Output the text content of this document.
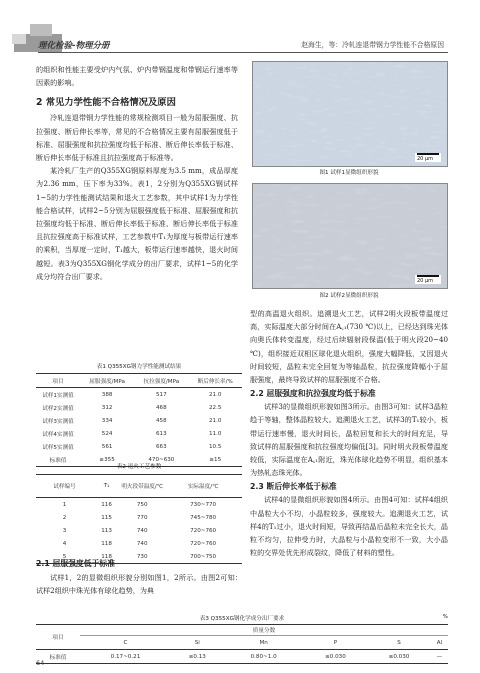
理化检验-物理分册	赵海生，等：冷轧连退带钢力学性能不合格原因

的组织和性能主要受炉内气氛、炉内带钢温度和带钢运行速率等因素的影响。

2 常见力学性能不合格情况及原因

冷轧连退带钢力学性能的常规检测项目一般为屈服强度、抗拉强度、断后伸长率等，常见的不合格情况主要有屈服强度低于标准、屈服强度和抗拉强度均低于标准、断后伸长率低于标准、断后伸长率低于标准且抗拉强度高于标准等。

某冷轧厂生产的Q355XG钢原料厚度为3.5 mm，成品厚度为2.36 mm，压下率为33%。表1，2分别为Q355XG钢试样1~5的力学性能测试结果和退火工艺参数，其中试样1为力学性能合格试样，试样2~5分别为屈服强度低于标准、屈服强度和抗拉强度均低于标准、断后伸长率低于标准、断后伸长率低于标准且抗拉强度高于标准试样，工艺参数中T₁为厚度与板带运行速率的乘积，当厚度一定时，T₁越大，板带运行速率越快，退火时间越短。表3为Q355XG钢化学成分的出厂要求，试样1~5的化学成分均符合出厂要求。

表1 Q355XG钢力学性能测试结果
项目	屈服强度/MPa	抗拉强度/MPa	断后伸长率/%
试样1实测值	388	517	21.0
试样2实测值	312	468	22.5
试样3实测值	334	458	21.0
试样4实测值	524	613	11.0
试样5实测值	561	663	10.5
标准值	≥355	470~630	≥15
表2 退火工艺参数
试样编号	T₁	明火段带温度/℃	实际温度/℃
1	116	750	730~770
2	115	770	745~780
3	113	740	720~760
4	118	740	720~760
5	118	730	700~750

2.1 屈服强度低于标准

试样1，2的显微组织形貌分别如图1，2所示。由图2可知：试样2组织中珠光体有球化趋势，为典

20 μm
图1 试样1显微组织形貌
20 μm
图2 试样2显微组织形貌

型的高温退火组织。追溯退火工艺，试样2明火段板带温度过高，实际温度大部分时间在A꜀₁(730 ℃)以上，已经达到珠光体向奥氏体转变温度，经过后续辐射段保温(低于明火段20~40 ℃)，组织接近双相区球化退火组织，强度大幅降低，又因退火时间较短，晶粒未完全回复为等轴晶粒，抗拉强度降幅小于屈服强度，最终导致试样的屈服强度不合格。

2.2 屈服强度和抗拉强度均低于标准

试样3的显微组织形貌如图3所示。由图3可知：试样3晶粒趋于等轴，整体晶粒较大。追溯退火工艺，试样3的T₁较小，板带运行速率慢，退火时间长，晶粒回复和长大的时间充足，导致试样的屈服强度和抗拉强度均偏低[3]。同时明火段板带温度较低，实际温度在A꜀₁附近，珠光体球化趋势不明显，组织基本为热轧态珠光体。

2.3 断后伸长率低于标准

试样4的显微组织形貌如图4所示。由图4可知：试样4组织中晶粒大小不均，小晶粒较多，强度较大。追溯退火工艺，试样4的T₁过小，退火时间短，导致再结晶后晶粒未完全长大，晶粒不均匀，拉伸受力时，大晶粒与小晶粒变形不一致，大小晶粒的交界处优先形成裂纹，降低了材料的塑性。

表3 Q355XG钢化学成分出厂要求	%
项目	质量分数					
	C	Si	Mn	P	S	Al
标准值	0.17~0.21	≤0.13	0.80~1.0	≤0.030	≤0.030	—
64
